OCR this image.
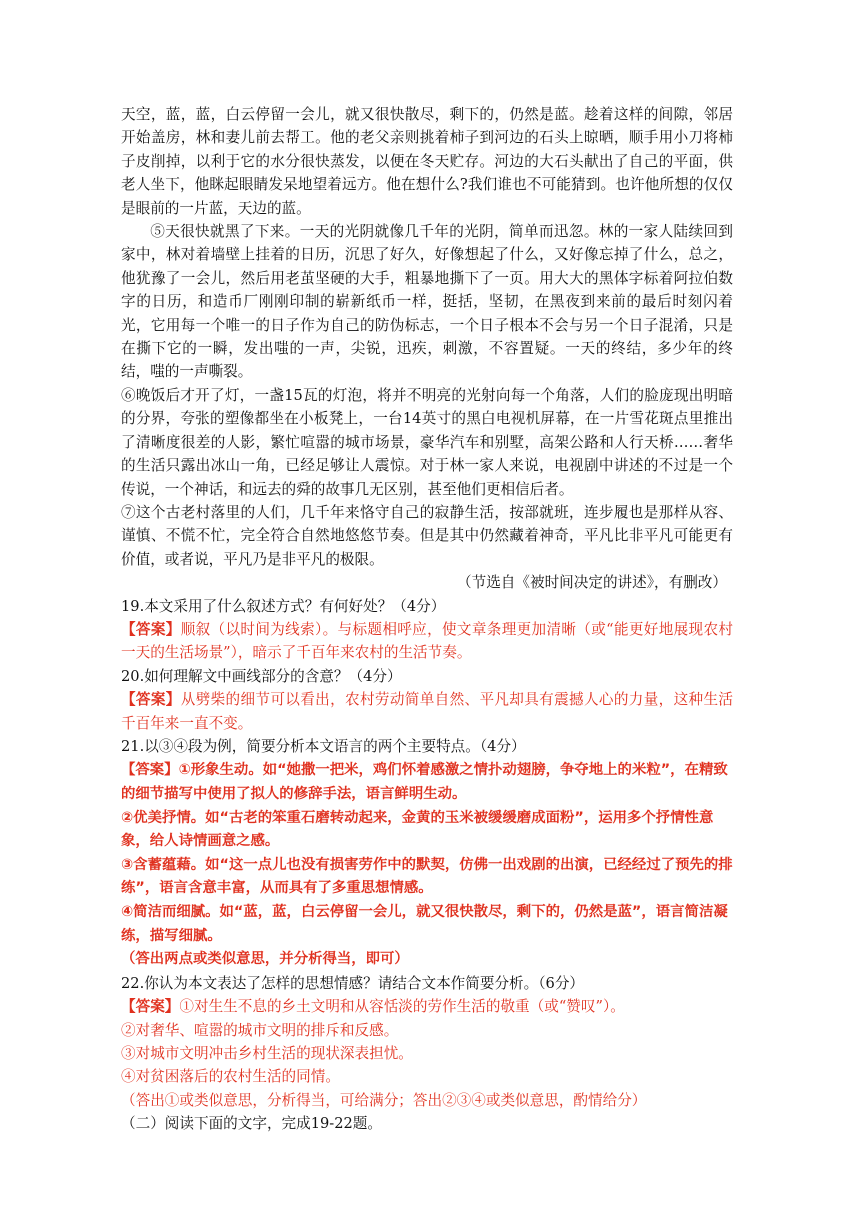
天空，蓝，蓝，白云停留一会儿，就又很快散尽，剩下的，仍然是蓝。趁着这样的间隙，邻居开始盖房，林和妻儿前去帮工。他的老父亲则挑着柿子到河边的石头上晾晒，顺手用小刀将柿子皮削掉，以利于它的水分很快蒸发，以便在冬天贮存。河边的大石头献出了自己的平面，供老人坐下，他眯起眼睛发呆地望着远方。他在想什么?我们谁也不可能猜到。也许他所想的仅仅是眼前的一片蓝，天边的蓝。

⑤天很快就黑了下来。一天的光阴就像几千年的光阴，简单而迅忽。林的一家人陆续回到家中，林对着墙壁上挂着的日历，沉思了好久，好像想起了什么，又好像忘掉了什么，总之，他犹豫了一会儿，然后用老茧坚硬的大手，粗暴地撕下了一页。用大大的黑体字标着阿拉伯数字的日历，和造币厂刚刚印制的崭新纸币一样，挺括，坚韧，在黑夜到来前的最后时刻闪着光，它用每一个唯一的日子作为自己的防伪标志，一个日子根本不会与另一个日子混淆，只是在撕下它的一瞬，发出嗤的一声，尖锐，迅疾，刺激，不容置疑。一天的终结，多少年的终结，嗤的一声嘶裂。

⑥晚饭后才开了灯，一盏15瓦的灯泡，将并不明亮的光射向每一个角落，人们的脸庞现出明暗的分界，夸张的塑像都坐在小板凳上，一台14英寸的黑白电视机屏幕，在一片雪花斑点里推出了清晰度很差的人影，繁忙喧嚣的城市场景，豪华汽车和别墅，高架公路和人行天桥……奢华的生活只露出冰山一角，已经足够让人震惊。对于林一家人来说，电视剧中讲述的不过是一个传说，一个神话，和远去的舜的故事几无区别，甚至他们更相信后者。

⑦这个古老村落里的人们，几千年来恪守自己的寂静生活，按部就班，连步履也是那样从容、谨慎、不慌不忙，完全符合自然地悠悠节奏。但是其中仍然藏着神奇，平凡比非平凡可能更有价值，或者说，平凡乃是非平凡的极限。

（节选自《被时间决定的讲述》，有删改）

19.本文采用了什么叙述方式？有何好处？（4分）

【答案】顺叙（以时间为线索）。与标题相呼应，使文章条理更加清晰（或“能更好地展现农村一天的生活场景”），暗示了千百年来农村的生活节奏。

20.如何理解文中画线部分的含意？（4分）

【答案】从劈柴的细节可以看出，农村劳动简单自然、平凡却具有震撼人心的力量，这种生活千百年来一直不变。

21.以③④段为例，简要分析本文语言的两个主要特点。（4分）

【答案】①形象生动。如“她撒一把米，鸡们怀着感激之情扑动翅膀，争夺地上的米粒”，在精致的细节描写中使用了拟人的修辞手法，语言鲜明生动。

②优美抒情。如“古老的笨重石磨转动起来，金黄的玉米被缓缓磨成面粉”，运用多个抒情性意象，给人诗情画意之感。

③含蓄蕴藉。如“这一点儿也没有损害劳作中的默契，仿佛一出戏剧的出演，已经经过了预先的排练”，语言含意丰富，从而具有了多重思想情感。

④简洁而细腻。如“蓝，蓝，白云停留一会儿，就又很快散尽，剩下的，仍然是蓝”，语言简洁凝练，描写细腻。

（答出两点或类似意思，并分析得当，即可）

22.你认为本文表达了怎样的思想情感？请结合文本作简要分析。（6分）

【答案】①对生生不息的乡土文明和从容恬淡的劳作生活的敬重（或“赞叹”）。

②对奢华、喧嚣的城市文明的排斥和反感。

③对城市文明冲击乡村生活的现状深表担忧。

④对贫困落后的农村生活的同情。

（答出①或类似意思，分析得当，可给满分；答出②③④或类似意思，酌情给分）

（二）阅读下面的文字，完成19-22题。
